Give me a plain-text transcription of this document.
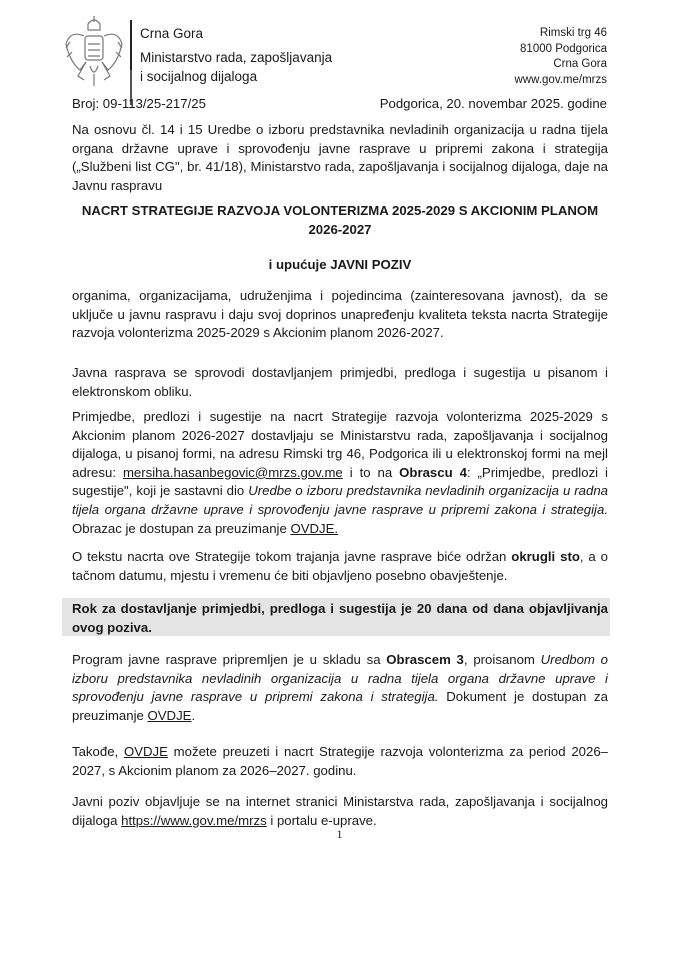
Crna Gora
Ministarstvo rada, zapošljavanja
i socijalnog dijaloga
Rimski trg 46
81000 Podgorica
Crna Gora
www.gov.me/mrzs
Broj: 09-113/25-217/25	Podgorica, 20. novembar 2025. godine
Na osnovu čl. 14 i 15 Uredbe o izboru predstavnika nevladinih organizacija u radna tijela organa državne uprave i sprovođenju javne rasprave u pripremi zakona i strategija („Službeni list CG", br. 41/18), Ministarstvo rada, zapošljavanja i socijalnog dijaloga, daje na Javnu raspravu
NACRT STRATEGIJE RAZVOJA VOLONTERIZMA 2025-2029 S AKCIONIM PLANOM 2026-2027
i upućuje JAVNI POZIV
organima, organizacijama, udruženjima i pojedincima (zainteresovana javnost), da se uključe u javnu raspravu i daju svoj doprinos unapređenju kvaliteta teksta nacrta Strategije razvoja volonterizma 2025-2029 s Akcionim planom 2026-2027.
Javna rasprava se sprovodi dostavljanjem primjedbi, predloga i sugestija u pisanom i elektronskom obliku.
Primjedbe, predlozi i sugestije na nacrt Strategije razvoja volonterizma 2025-2029 s Akcionim planom 2026-2027 dostavljaju se Ministarstvu rada, zapošljavanja i socijalnog dijaloga, u pisanoj formi, na adresu Rimski trg 46, Podgorica ili u elektronskoj formi na mejl adresu: mersiha.hasanbegovic@mrzs.gov.me i to na Obrascu 4: „Primjedbe, predlozi i sugestije", koji je sastavni dio Uredbe o izboru predstavnika nevladinih organizacija u radna tijela organa državne uprave i sprovođenju javne rasprave u pripremi zakona i strategija. Obrazac je dostupan za preuzimanje OVDJE.
O tekstu nacrta ove Strategije tokom trajanja javne rasprave biće održan okrugli sto, a o tačnom datumu, mjestu i vremenu će biti objavljeno posebno obavještenje.
Rok za dostavljanje primjedbi, predloga i sugestija je 20 dana od dana objavljivanja ovog poziva.
Program javne rasprave pripremljen je u skladu sa Obrascem 3, proisanom Uredbom o izboru predstavnika nevladinih organizacija u radna tijela organa državne uprave i sprovođenju javne rasprave u pripremi zakona i strategija. Dokument je dostupan za preuzimanje OVDJE.
Takođe, OVDJE možete preuzeti i nacrt Strategije razvoja volonterizma za period 2026–2027, s Akcionim planom za 2026–2027. godinu.
Javni poziv objavljuje se na internet stranici Ministarstva rada, zapošljavanja i socijalnog dijaloga https://www.gov.me/mrzs i portalu e-uprave.
1
